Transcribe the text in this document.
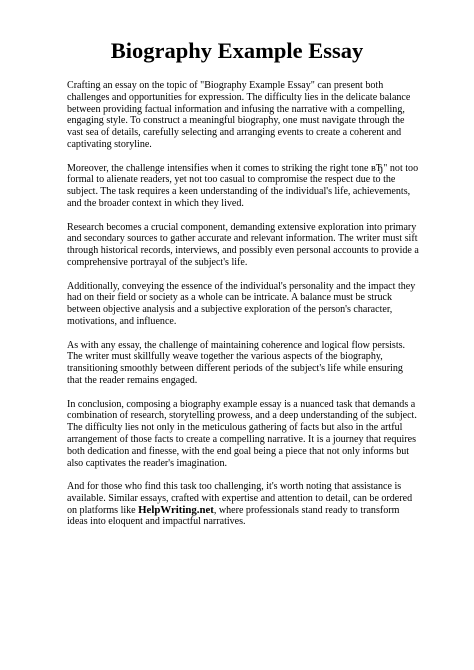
Biography Example Essay

Crafting an essay on the topic of "Biography Example Essay" can present both challenges and opportunities for expression. The difficulty lies in the delicate balance between providing factual information and infusing the narrative with a compelling, engaging style. To construct a meaningful biography, one must navigate through the vast sea of details, carefully selecting and arranging events to create a coherent and captivating storyline.

Moreover, the challenge intensifies when it comes to striking the right tone вЂ" not too formal to alienate readers, yet not too casual to compromise the respect due to the subject. The task requires a keen understanding of the individual's life, achievements, and the broader context in which they lived.

Research becomes a crucial component, demanding extensive exploration into primary and secondary sources to gather accurate and relevant information. The writer must sift through historical records, interviews, and possibly even personal accounts to provide a comprehensive portrayal of the subject's life.

Additionally, conveying the essence of the individual's personality and the impact they had on their field or society as a whole can be intricate. A balance must be struck between objective analysis and a subjective exploration of the person's character, motivations, and influence.

As with any essay, the challenge of maintaining coherence and logical flow persists. The writer must skillfully weave together the various aspects of the biography, transitioning smoothly between different periods of the subject's life while ensuring that the reader remains engaged.

In conclusion, composing a biography example essay is a nuanced task that demands a combination of research, storytelling prowess, and a deep understanding of the subject. The difficulty lies not only in the meticulous gathering of facts but also in the artful arrangement of those facts to create a compelling narrative. It is a journey that requires both dedication and finesse, with the end goal being a piece that not only informs but also captivates the reader's imagination.

And for those who find this task too challenging, it's worth noting that assistance is available. Similar essays, crafted with expertise and attention to detail, can be ordered on platforms like HelpWriting.net, where professionals stand ready to transform ideas into eloquent and impactful narratives.
